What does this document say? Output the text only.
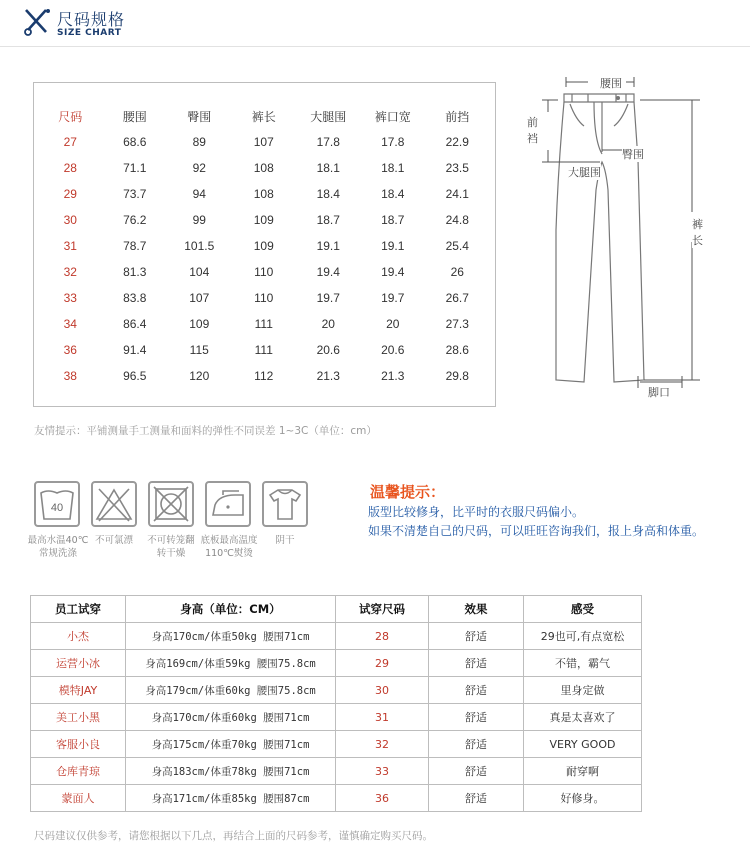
尺码规格
SIZE CHART
尺码	腰围	臀围	裤长	大腿围	裤口宽	前挡
27	68.6	89	107	17.8	17.8	22.9
28	71.1	92	108	18.1	18.1	23.5
29	73.7	94	108	18.4	18.4	24.1
30	76.2	99	109	18.7	18.7	24.8
31	78.7	101.5	109	19.1	19.1	25.4
32	81.3	104	110	19.4	19.4	26
33	83.8	107	110	19.7	19.7	26.7
34	86.4	109	111	20	20	27.3
36	91.4	115	111	20.6	20.6	28.6
38	96.5	120	112	21.3	21.3	29.8
腰围
前
裆
臀围
大腿围
裤
长
脚口
友情提示：平铺测量手工测量和面料的弹性不同误差 1~3C（单位：cm）
40
最高水温40℃
常规洗涤
不可氯漂	不可转笼翻
转干燥
底板最高温度
110℃熨烫
阴干
温馨提示：
版型比较修身，比平时的衣服尺码偏小。
如果不清楚自己的尺码，可以旺旺咨询我们，报上身高和体重。
员工试穿	身高（单位：CM）	试穿尺码	效果	感受
小杰	身高170cm/体重50kg 腰围71cm	28	舒适	29也可,有点宽松
运营小冰	身高169cm/体重59kg 腰围75.8cm	29	舒适	不错，霸气
模特JAY	身高179cm/体重60kg 腰围75.8cm	30	舒适	里身定做
美工小黑	身高170cm/体重60kg 腰围71cm	31	舒适	真是太喜欢了
客服小良	身高175cm/体重70kg 腰围71cm	32	舒适	VERY GOOD
仓库青琼	身高183cm/体重78kg 腰围71cm	33	舒适	耐穿啊
蒙面人	身高171cm/体重85kg 腰围87cm	36	舒适	好修身。
尺码建议仅供参考，请您根据以下几点，再结合上面的尺码参考，谨慎确定购买尺码。
